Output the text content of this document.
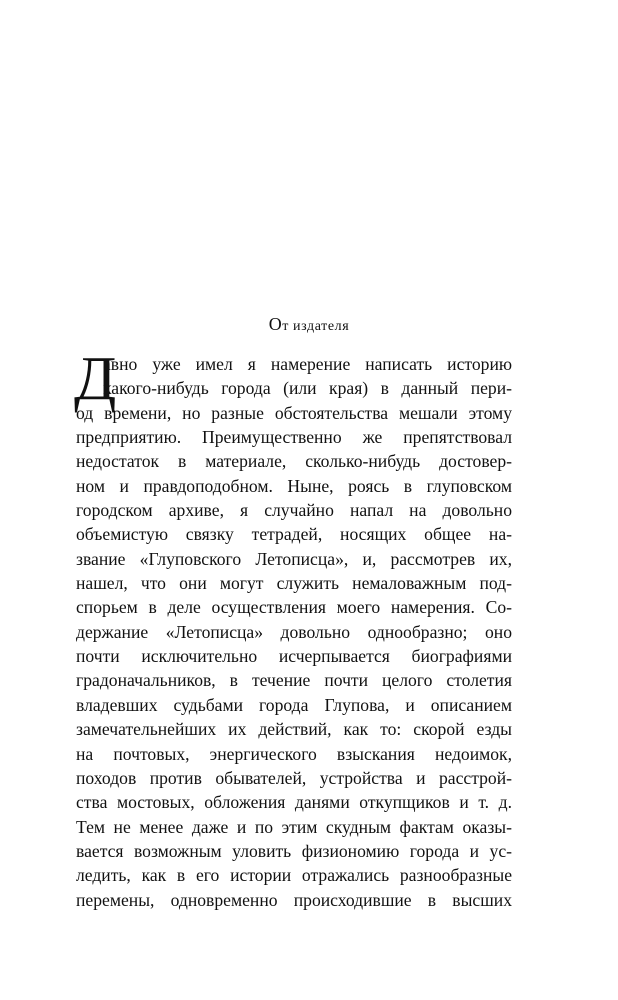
От издателя
Д
авно уже имел я намерение написать историю
какого-нибудь города (или края) в данный пери-
од времени, но разные обстоятельства мешали этому
предприятию. Преимущественно же препятствовал
недостаток в материале, сколько-нибудь достовер-
ном и правдоподобном. Ныне, роясь в глуповском
городском архиве, я случайно напал на довольно
объемистую связку тетрадей, носящих общее на-
звание «Глуповского Летописца», и, рассмотрев их,
нашел, что они могут служить немаловажным под-
спорьем в деле осуществления моего намерения. Со-
держание «Летописца» довольно однообразно; оно
почти исключительно исчерпывается биографиями
градоначальников, в течение почти целого столетия
владевших судьбами города Глупова, и описанием
замечательнейших их действий, как то: скорой езды
на почтовых, энергического взыскания недоимок,
походов против обывателей, устройства и расстрой-
ства мостовых, обложения данями откупщиков и т. д.
Тем не менее даже и по этим скудным фактам оказы-
вается возможным уловить физиономию города и ус-
ледить, как в его истории отражались разнообразные
перемены, одновременно происходившие в высших
